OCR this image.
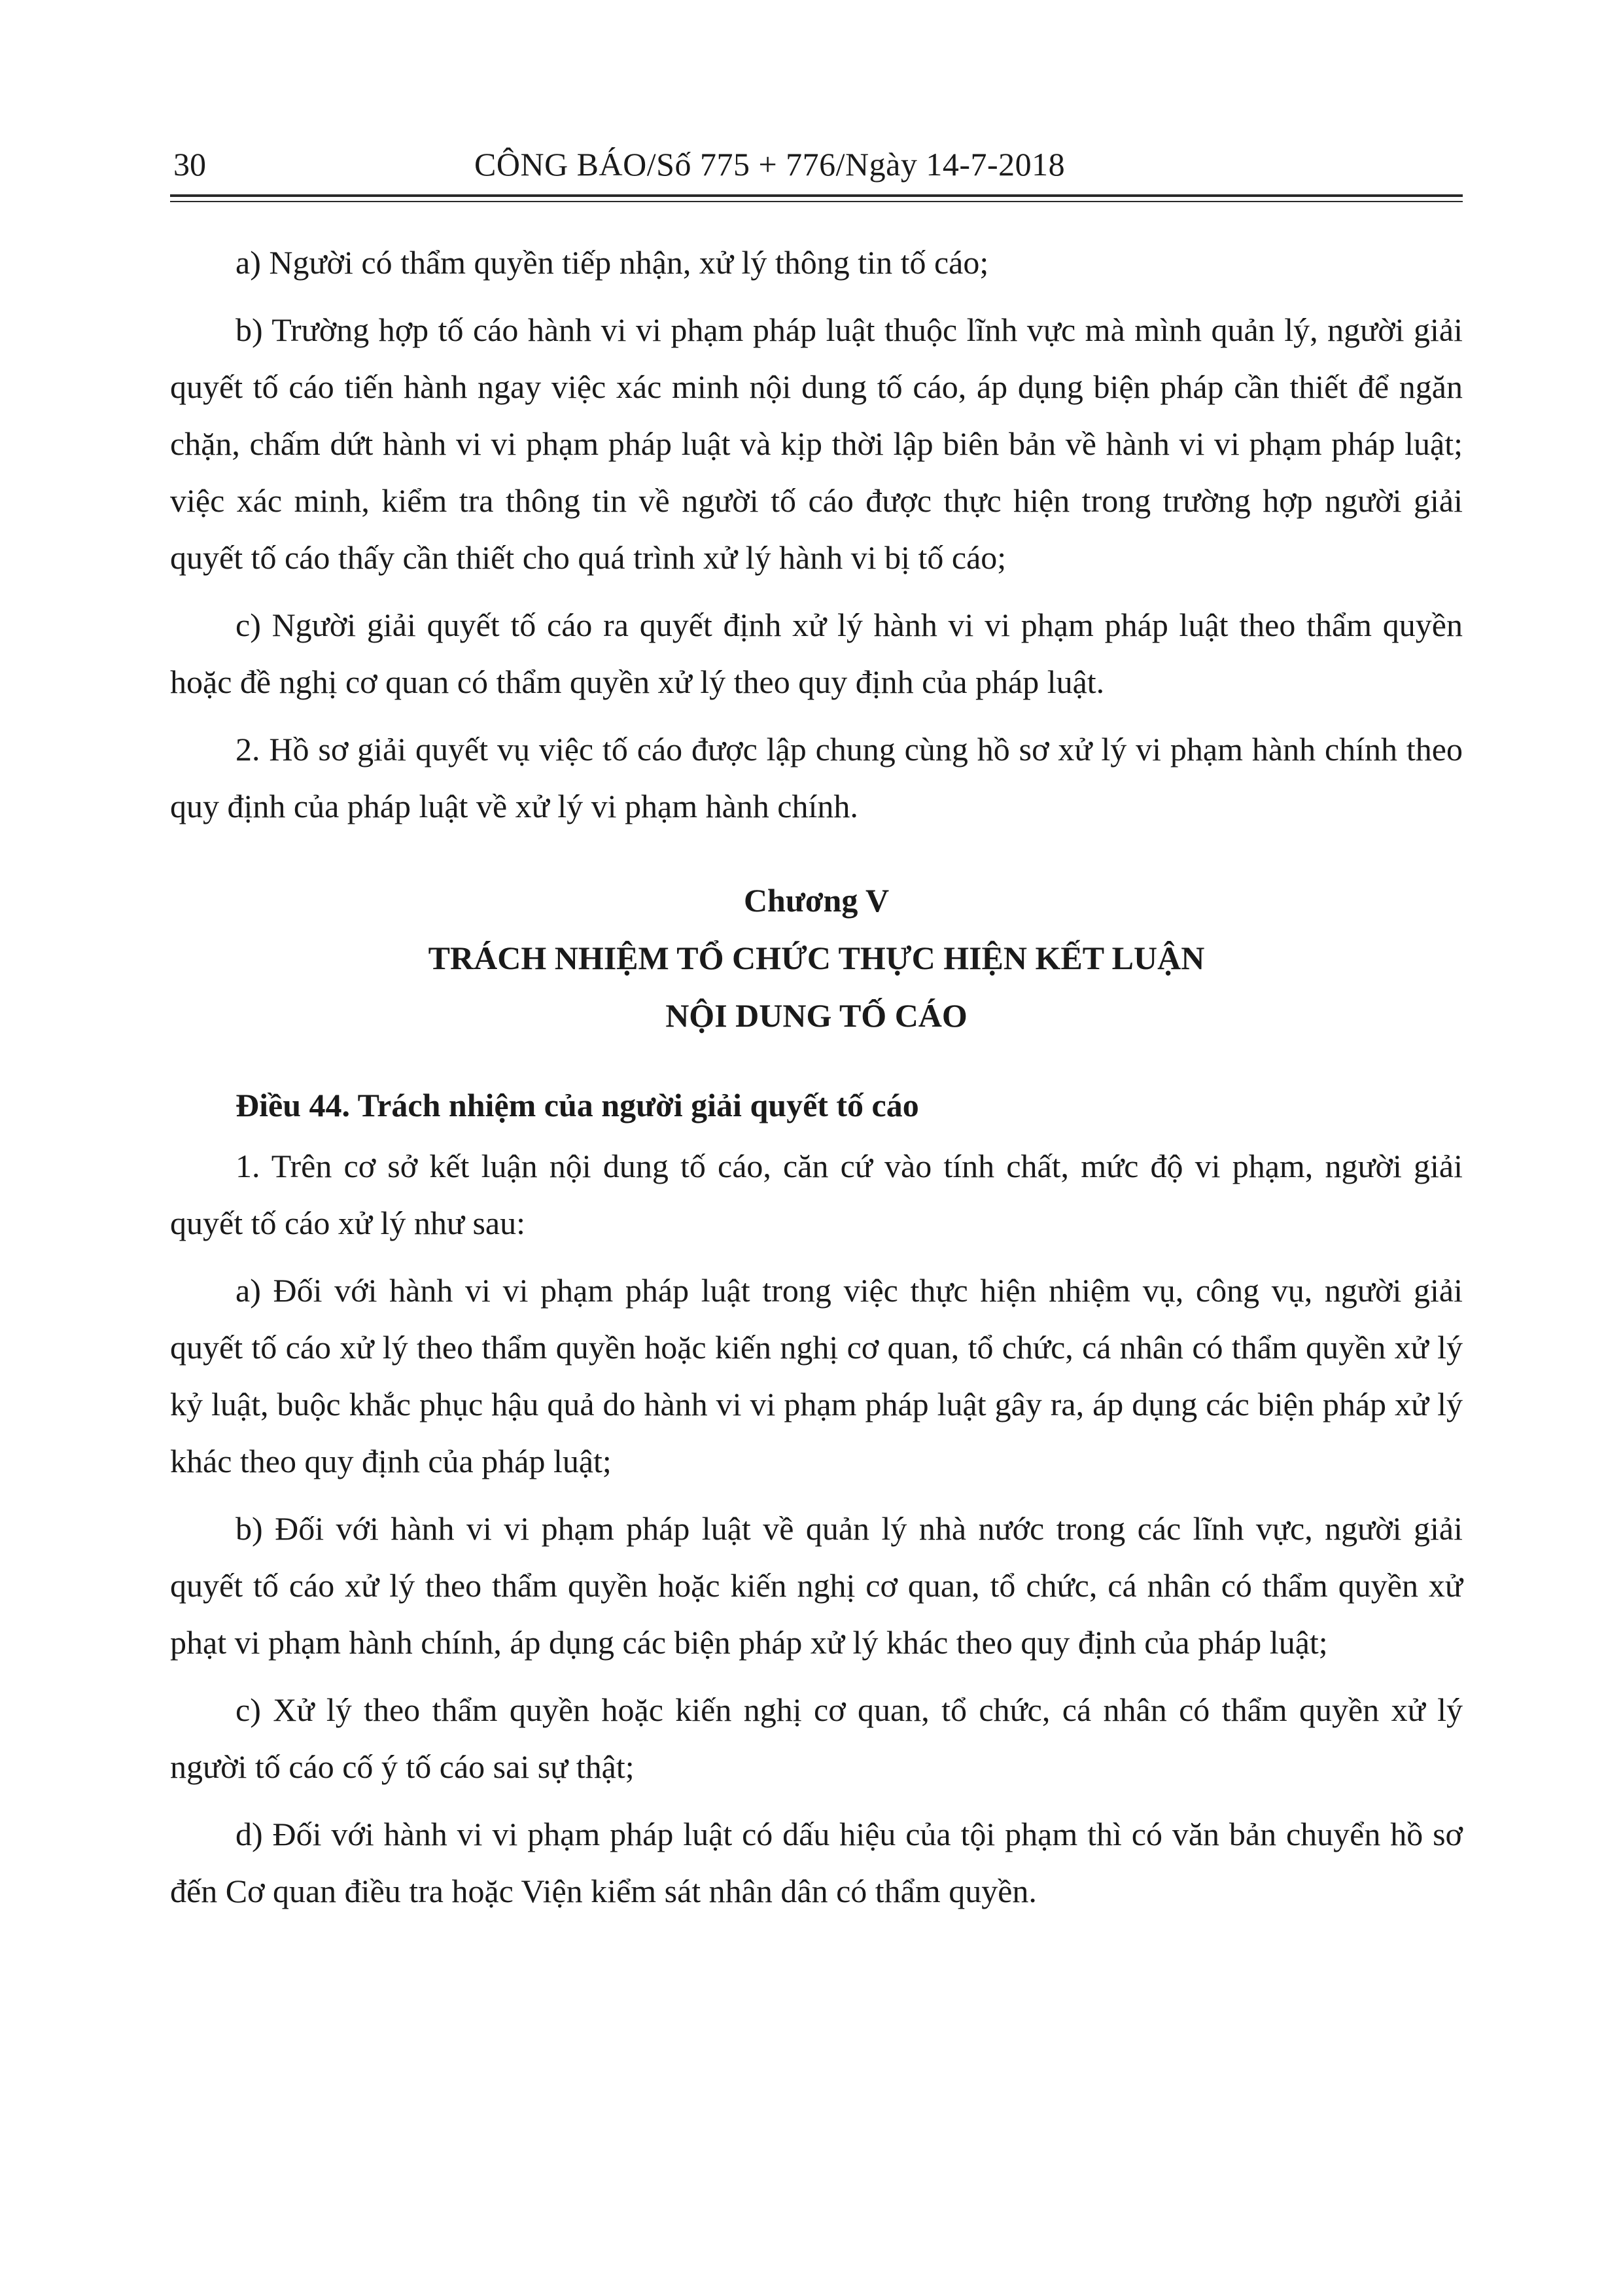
30	CÔNG BÁO/Số 775 + 776/Ngày 14-7-2018

a) Người có thẩm quyền tiếp nhận, xử lý thông tin tố cáo;

b) Trường hợp tố cáo hành vi vi phạm pháp luật thuộc lĩnh vực mà mình quản lý, người giải quyết tố cáo tiến hành ngay việc xác minh nội dung tố cáo, áp dụng biện pháp cần thiết để ngăn chặn, chấm dứt hành vi vi phạm pháp luật và kịp thời lập biên bản về hành vi vi phạm pháp luật; việc xác minh, kiểm tra thông tin về người tố cáo được thực hiện trong trường hợp người giải quyết tố cáo thấy cần thiết cho quá trình xử lý hành vi bị tố cáo;

c) Người giải quyết tố cáo ra quyết định xử lý hành vi vi phạm pháp luật theo thẩm quyền hoặc đề nghị cơ quan có thẩm quyền xử lý theo quy định của pháp luật.

2. Hồ sơ giải quyết vụ việc tố cáo được lập chung cùng hồ sơ xử lý vi phạm hành chính theo quy định của pháp luật về xử lý vi phạm hành chính.

Chương V
TRÁCH NHIỆM TỔ CHỨC THỰC HIỆN KẾT LUẬN
NỘI DUNG TỐ CÁO

Điều 44. Trách nhiệm của người giải quyết tố cáo

1. Trên cơ sở kết luận nội dung tố cáo, căn cứ vào tính chất, mức độ vi phạm, người giải quyết tố cáo xử lý như sau:

a) Đối với hành vi vi phạm pháp luật trong việc thực hiện nhiệm vụ, công vụ, người giải quyết tố cáo xử lý theo thẩm quyền hoặc kiến nghị cơ quan, tổ chức, cá nhân có thẩm quyền xử lý kỷ luật, buộc khắc phục hậu quả do hành vi vi phạm pháp luật gây ra, áp dụng các biện pháp xử lý khác theo quy định của pháp luật;

b) Đối với hành vi vi phạm pháp luật về quản lý nhà nước trong các lĩnh vực, người giải quyết tố cáo xử lý theo thẩm quyền hoặc kiến nghị cơ quan, tổ chức, cá nhân có thẩm quyền xử phạt vi phạm hành chính, áp dụng các biện pháp xử lý khác theo quy định của pháp luật;

c) Xử lý theo thẩm quyền hoặc kiến nghị cơ quan, tổ chức, cá nhân có thẩm quyền xử lý người tố cáo cố ý tố cáo sai sự thật;

d) Đối với hành vi vi phạm pháp luật có dấu hiệu của tội phạm thì có văn bản chuyển hồ sơ đến Cơ quan điều tra hoặc Viện kiểm sát nhân dân có thẩm quyền.
